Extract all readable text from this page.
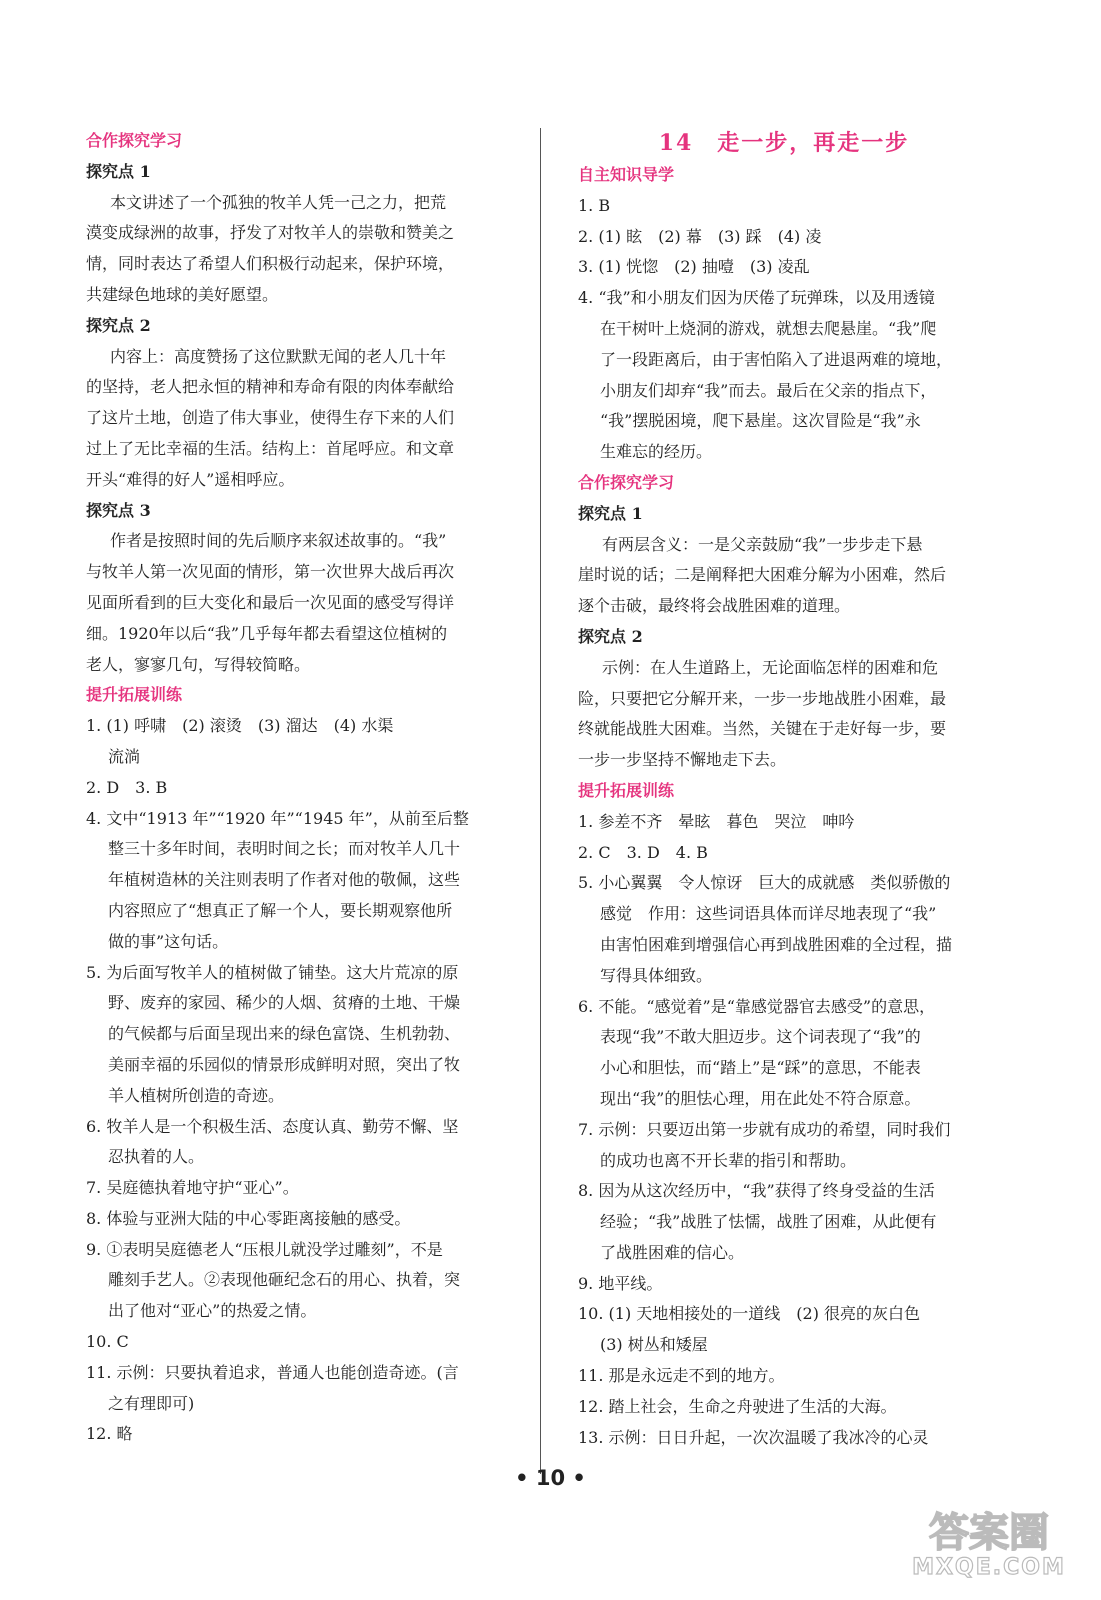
合作探究学习
探究点 1
本文讲述了一个孤独的牧羊人凭一己之力，把荒
漠变成绿洲的故事，抒发了对牧羊人的崇敬和赞美之
情，同时表达了希望人们积极行动起来，保护环境，
共建绿色地球的美好愿望。
探究点 2
内容上：高度赞扬了这位默默无闻的老人几十年
的坚持，老人把永恒的精神和寿命有限的肉体奉献给
了这片土地，创造了伟大事业，使得生存下来的人们
过上了无比幸福的生活。结构上：首尾呼应。和文章
开头“难得的好人”遥相呼应。
探究点 3
作者是按照时间的先后顺序来叙述故事的。“我”
与牧羊人第一次见面的情形，第一次世界大战后再次
见面所看到的巨大变化和最后一次见面的感受写得详
细。1920年以后“我”几乎每年都去看望这位植树的
老人，寥寥几句，写得较简略。
提升拓展训练
1. (1) 呼啸　(2) 滚烫　(3) 溜达　(4) 水渠
流淌
2. D　3. B
4. 文中“1913 年”“1920 年”“1945 年”，从前至后整
整三十多年时间，表明时间之长；而对牧羊人几十
年植树造林的关注则表明了作者对他的敬佩，这些
内容照应了“想真正了解一个人，要长期观察他所
做的事”这句话。
5. 为后面写牧羊人的植树做了铺垫。这大片荒凉的原
野、废弃的家园、稀少的人烟、贫瘠的土地、干燥
的气候都与后面呈现出来的绿色富饶、生机勃勃、
美丽幸福的乐园似的情景形成鲜明对照，突出了牧
羊人植树所创造的奇迹。
6. 牧羊人是一个积极生活、态度认真、勤劳不懈、坚
忍执着的人。
7. 吴庭德执着地守护“亚心”。
8. 体验与亚洲大陆的中心零距离接触的感受。
9. ①表明吴庭德老人“压根儿就没学过雕刻”，不是
雕刻手艺人。②表现他砸纪念石的用心、执着，突
出了他对“亚心”的热爱之情。
10. C
11. 示例：只要执着追求，普通人也能创造奇迹。(言
之有理即可)
12. 略
14　走一步，再走一步
自主知识导学
1. B
2. (1) 眩　(2) 幕　(3) 踩　(4) 凌
3. (1) 恍惚　(2) 抽噎　(3) 凌乱
4. “我”和小朋友们因为厌倦了玩弹珠，以及用透镜
在干树叶上烧洞的游戏，就想去爬悬崖。“我”爬
了一段距离后，由于害怕陷入了进退两难的境地，
小朋友们却弃“我”而去。最后在父亲的指点下，
“我”摆脱困境，爬下悬崖。这次冒险是“我”永
生难忘的经历。
合作探究学习
探究点 1
有两层含义：一是父亲鼓励“我”一步步走下悬
崖时说的话；二是阐释把大困难分解为小困难，然后
逐个击破，最终将会战胜困难的道理。
探究点 2
示例：在人生道路上，无论面临怎样的困难和危
险，只要把它分解开来，一步一步地战胜小困难，最
终就能战胜大困难。当然，关键在于走好每一步，要
一步一步坚持不懈地走下去。
提升拓展训练
1. 参差不齐　晕眩　暮色　哭泣　呻吟
2. C　3. D　4. B
5. 小心翼翼　令人惊讶　巨大的成就感　类似骄傲的
感觉　作用：这些词语具体而详尽地表现了“我”
由害怕困难到增强信心再到战胜困难的全过程，描
写得具体细致。
6. 不能。“感觉着”是“靠感觉器官去感受”的意思，
表现“我”不敢大胆迈步。这个词表现了“我”的
小心和胆怯，而“踏上”是“踩”的意思，不能表
现出“我”的胆怯心理，用在此处不符合原意。
7. 示例：只要迈出第一步就有成功的希望，同时我们
的成功也离不开长辈的指引和帮助。
8. 因为从这次经历中，“我”获得了终身受益的生活
经验；“我”战胜了怯懦，战胜了困难，从此便有
了战胜困难的信心。
9. 地平线。
10. (1) 天地相接处的一道线　(2) 很亮的灰白色
(3) 树丛和矮屋
11. 那是永远走不到的地方。
12. 踏上社会，生命之舟驶进了生活的大海。
13. 示例：日日升起，一次次温暖了我冰冷的心灵
• 10 •
答案圈
MXQE.COM
